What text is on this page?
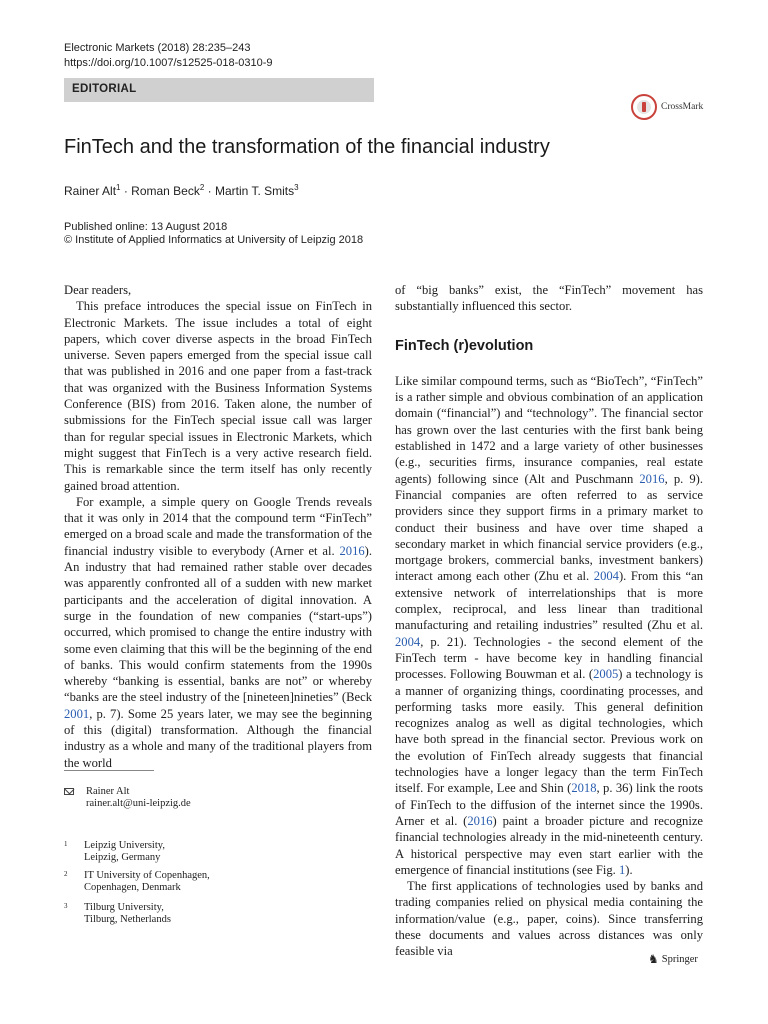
Electronic Markets (2018) 28:235–243
https://doi.org/10.1007/s12525-018-0310-9
EDITORIAL
CrossMark
FinTech and the transformation of the financial industry
Rainer Alt$^1$ · Roman Beck$^2$ · Martin T. Smits$^3$
Published online: 13 August 2018
© Institute of Applied Informatics at University of Leipzig 2018

Dear readers,

This preface introduces the special issue on FinTech in Electronic Markets. The issue includes a total of eight papers, which cover diverse aspects in the broad FinTech universe. Seven papers emerged from the special issue call that was published in 2016 and one paper from a fast-track that was organized with the Business Information Systems Conference (BIS) from 2016. Taken alone, the number of submissions for the FinTech special issue call was larger than for regular special issues in Electronic Markets, which might suggest that FinTech is a very active research field. This is remarkable since the term itself has only recently gained broad attention.

For example, a simple query on Google Trends reveals that it was only in 2014 that the compound term “FinTech” emerged on a broad scale and made the transformation of the financial industry visible to everybody (Arner et al. 2016). An industry that had remained rather stable over decades was apparently confronted all of a sudden with new market participants and the acceleration of digital innovation. A surge in the foundation of new companies (“start-ups”) occurred, which promised to change the entire industry with some even claiming that this will be the beginning of the end of banks. This would confirm statements from the 1990s whereby “banking is essential, banks are not” or whereby “banks are the steel industry of the [nineteen]nineties” (Beck 2001, p. 7). Some 25 years later, we may see the beginning of this (digital) transformation. Although the financial industry as a whole and many of the traditional players from the world

of “big banks” exist, the “FinTech” movement has substantially influenced this sector.

FinTech (r)evolution

Like similar compound terms, such as “BioTech”, “FinTech” is a rather simple and obvious combination of an application domain (“financial”) and “technology”. The financial sector has grown over the last centuries with the first bank being established in 1472 and a large variety of other businesses (e.g., securities firms, insurance companies, real estate agents) following since (Alt and Puschmann 2016, p. 9). Financial companies are often referred to as service providers since they support firms in a primary market to conduct their business and have over time shaped a secondary market in which financial service providers (e.g., mortgage brokers, commercial banks, investment bankers) interact among each other (Zhu et al. 2004). From this “an extensive network of interrelationships that is more complex, reciprocal, and less linear than traditional manufacturing and retailing industries” resulted (Zhu et al. 2004, p. 21). Technologies - the second element of the FinTech term - have become key in handling financial processes. Following Bouwman et al. (2005) a technology is a manner of organizing things, coordinating processes, and performing tasks more easily. This general definition recognizes analog as well as digital technologies, which have both spread in the financial sector. Previous work on the evolution of FinTech already suggests that financial technologies have a longer legacy than the term FinTech itself. For example, Lee and Shin (2018, p. 36) link the roots of FinTech to the diffusion of the internet since the 1990s. Arner et al. (2016) paint a broader picture and recognize financial technologies already in the mid-nineteenth century. A historical perspective may even start earlier with the emergence of financial institutions (see Fig. 1).

The first applications of technologies used by banks and trading companies relied on physical media containing the information/value (e.g., paper, coins). Since transferring these documents and values across distances was only feasible via

Rainer Alt
rainer.alt@uni-leipzig.de
1 Leipzig University,
Leipzig, Germany
2 IT University of Copenhagen,
Copenhagen, Denmark
3 Tilburg University,
Tilburg, Netherlands
♞ Springer
